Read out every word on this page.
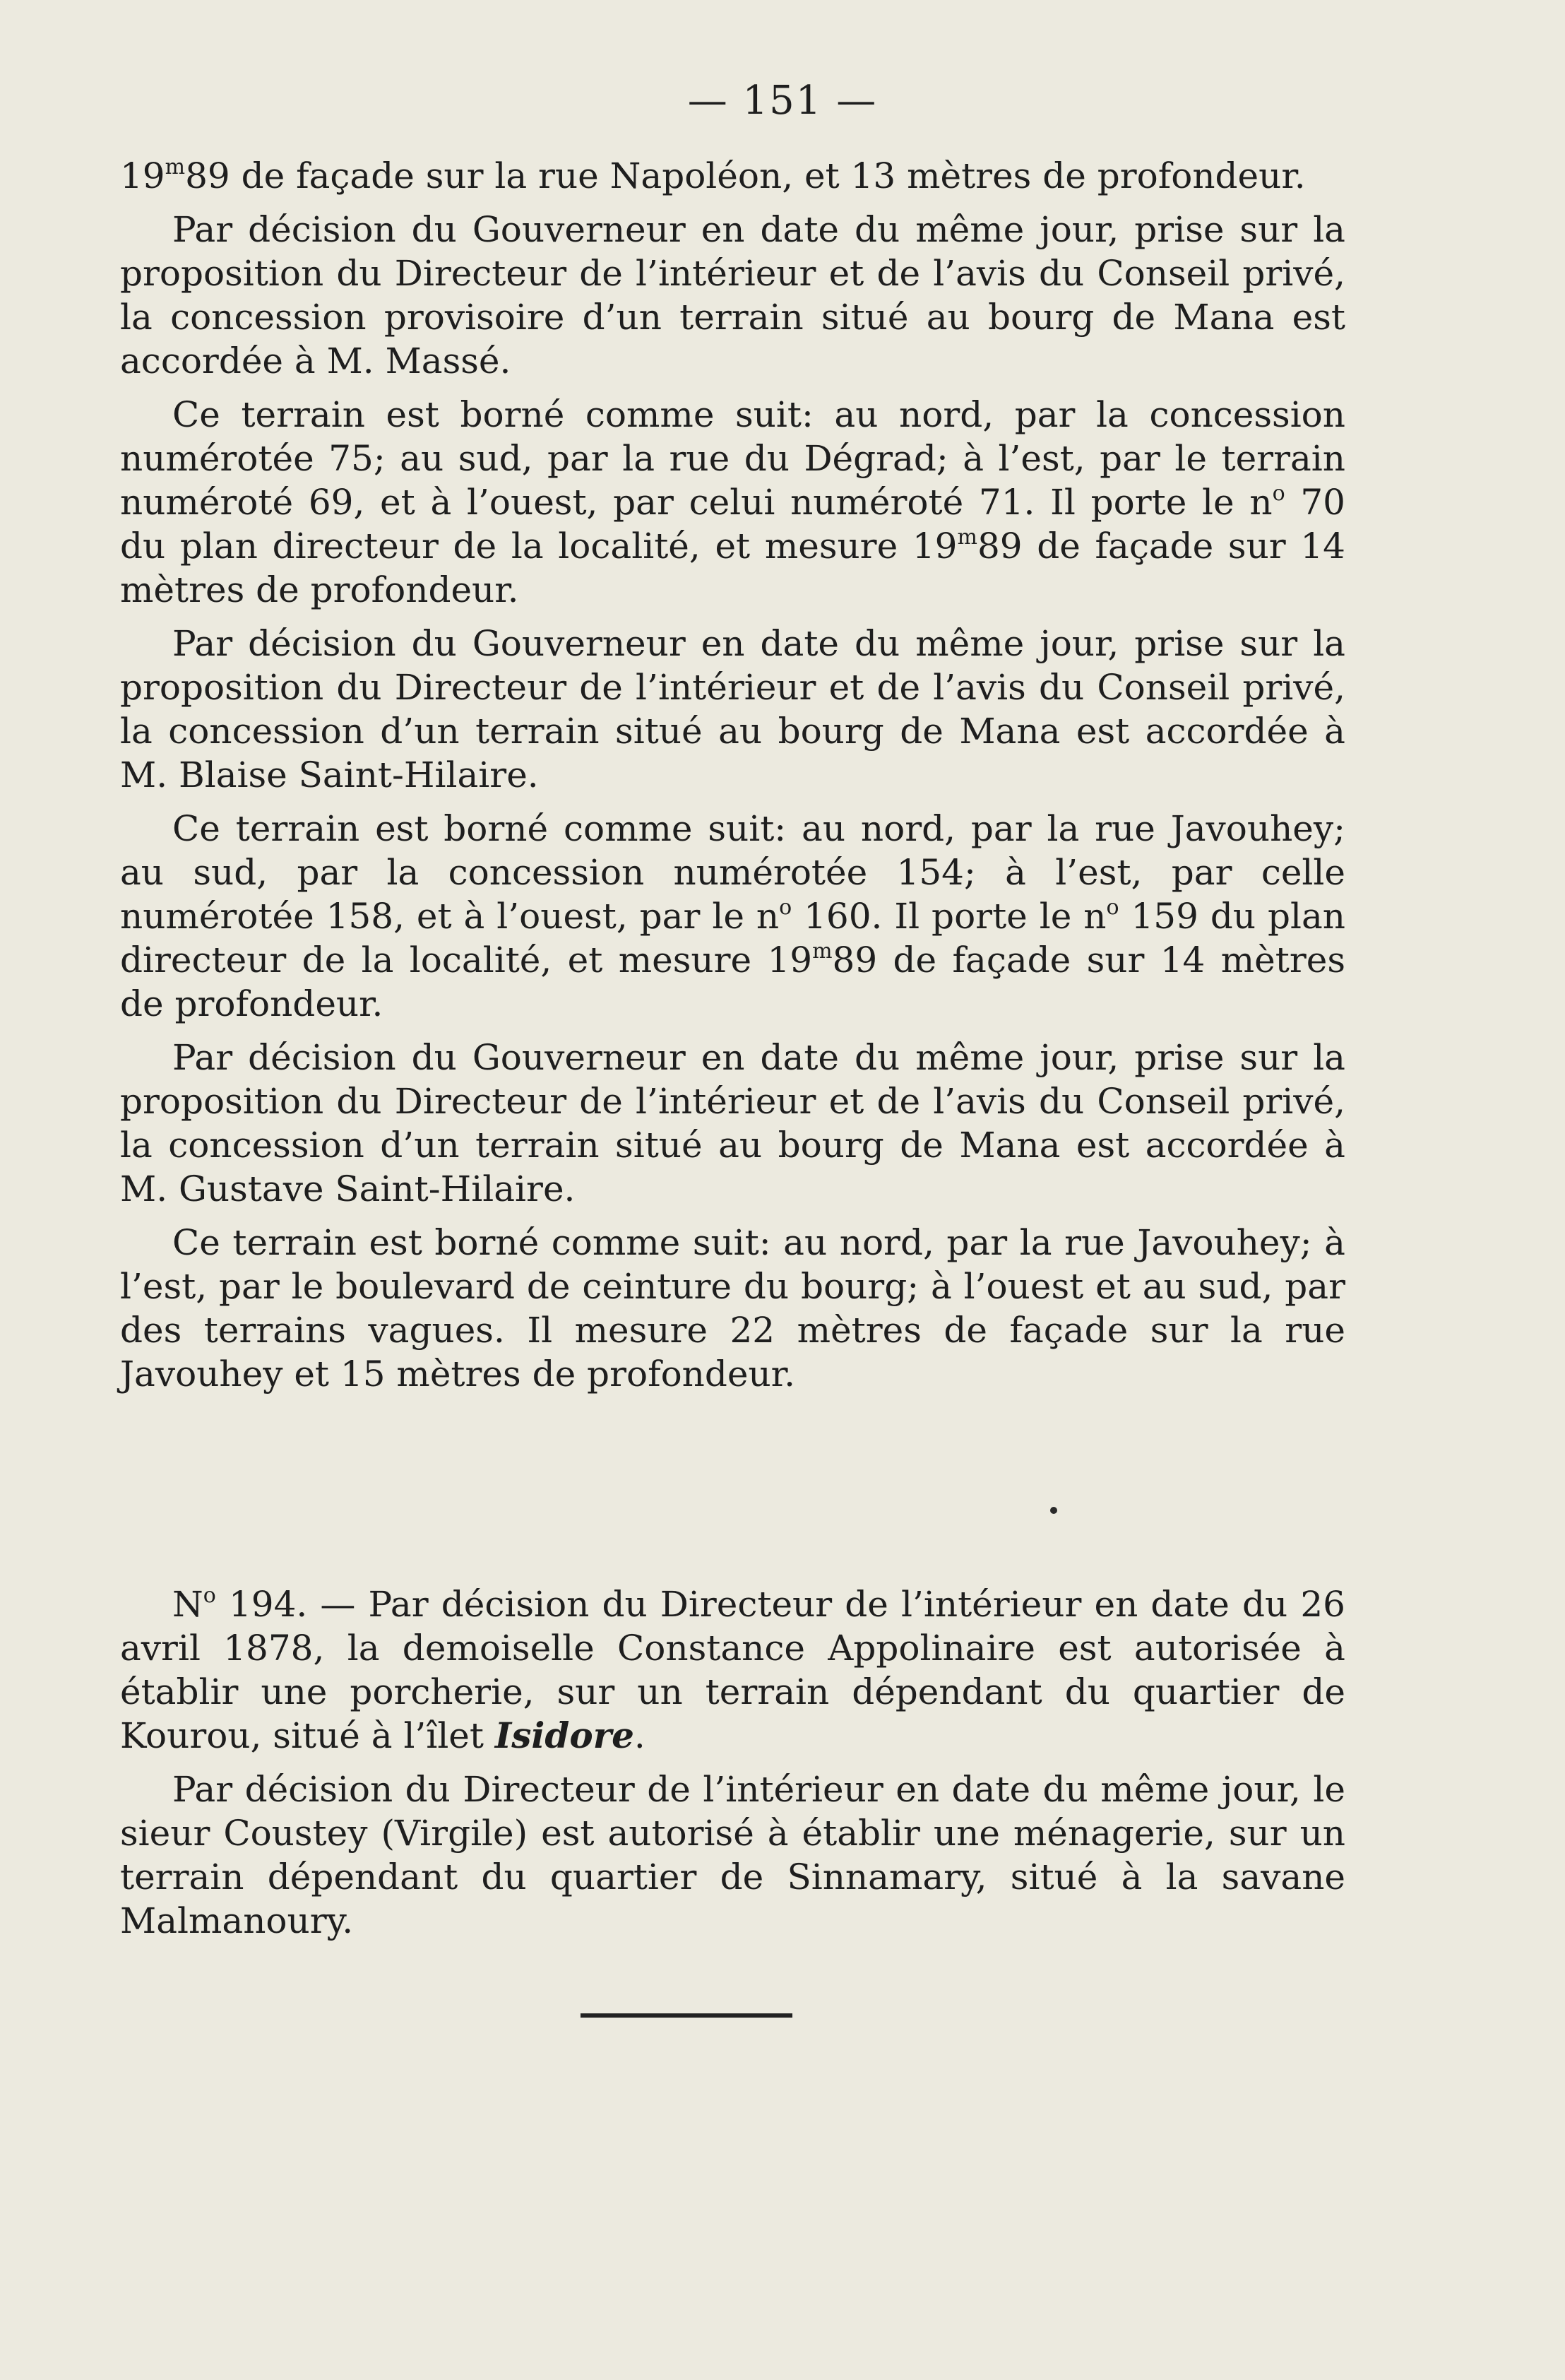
— 151 —

19$^m$89 de façade sur la rue Napoléon, et 13 mètres de profondeur.

Par décision du Gouverneur en date du même jour, prise sur la proposition du Directeur de l’intérieur et de l’avis du Conseil privé, la concession provisoire d’un terrain situé au bourg de Mana est accordée à M. Massé.

Ce terrain est borné comme suit: au nord, par la concession numérotée 75; au sud, par la rue du Dégrad; à l’est, par le terrain numéroté 69, et à l’ouest, par celui numéroté 71. Il porte le $n^o$ 70 du plan directeur de la localité, et mesure 19$^m$89 de façade sur 14 mètres de profondeur.

Par décision du Gouverneur en date du même jour, prise sur la proposition du Directeur de l’intérieur et de l’avis du Conseil privé, la concession d’un terrain situé au bourg de Mana est accordée à M. Blaise Saint-Hilaire.

Ce terrain est borné comme suit: au nord, par la rue Javouhey; au sud, par la concession numérotée 154; à l’est, par celle numérotée 158, et à l’ouest, par le $n^o$ 160. Il porte le $n^o$ 159 du plan directeur de la localité, et mesure 19$^m$89 de façade sur 14 mètres de profondeur.

Par décision du Gouverneur en date du même jour, prise sur la proposition du Directeur de l’intérieur et de l’avis du Conseil privé, la concession d’un terrain situé au bourg de Mana est accordée à M. Gustave Saint-Hilaire.

Ce terrain est borné comme suit: au nord, par la rue Javouhey; à l’est, par le boulevard de ceinture du bourg; à l’ouest et au sud, par des terrains vagues. Il mesure 22 mètres de façade sur la rue Javouhey et 15 mètres de profondeur.

$N^o$ 194. — Par décision du Directeur de l’intérieur en date du 26 avril 1878, la demoiselle Constance Appolinaire est autorisée à établir une porcherie, sur un terrain dépendant du quartier de Kourou, situé à l’îlet Isidore.

Par décision du Directeur de l’intérieur en date du même jour, le sieur Coustey (Virgile) est autorisé à établir une ménagerie, sur un terrain dépendant du quartier de Sinnamary, situé à la savane Malmanoury.
